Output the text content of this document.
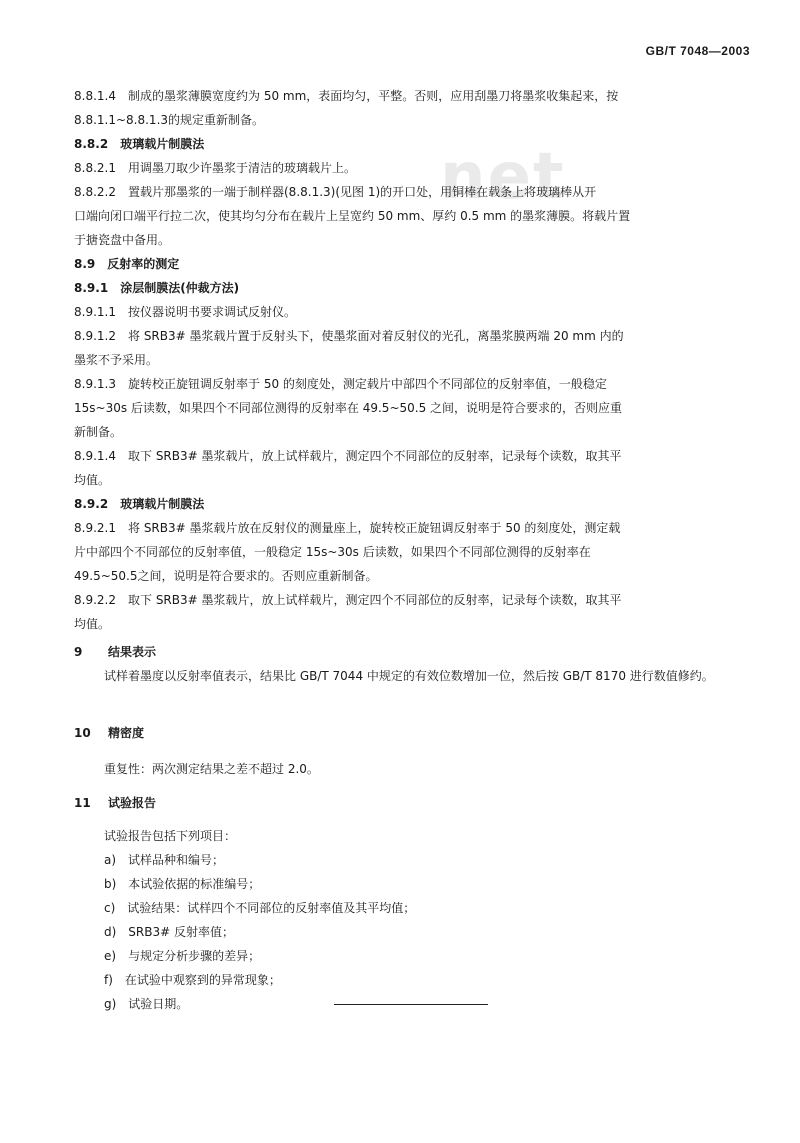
GB/T 7048—2003
net
8.8.1.4　 制成的墨浆薄膜宽度约为 50 mm，表面均匀，平整。否则，应用刮墨刀将墨浆收集起来，按
8.8.1.1~8.8.1.3的规定重新制备。
8.8.2　 玻璃载片制膜法
8.8.2.1　 用调墨刀取少许墨浆于清洁的玻璃载片上。
8.8.2.2　 置载片那墨浆的一端于制样器(8.8.1.3)(见图 1)的开口处，用铜棒在载条上将玻璃棒从开
口端向闭口端平行拉二次，使其均匀分布在载片上呈宽约 50 mm、厚约 0.5 mm 的墨浆薄膜。将载片置
于搪瓷盘中备用。
8.9　 反射率的测定
8.9.1　 涂层制膜法(仲裁方法)
8.9.1.1　 按仪器说明书要求调试反射仪。
8.9.1.2　 将 SRB3# 墨浆载片置于反射头下，使墨浆面对着反射仪的光孔，离墨浆膜两端 20 mm 内的
墨浆不予采用。
8.9.1.3　 旋转校正旋钮调反射率于 50 的刻度处，测定载片中部四个不同部位的反射率值，一般稳定
15s~30s 后读数，如果四个不同部位测得的反射率在 49.5~50.5 之间，说明是符合要求的，否则应重
新制备。
8.9.1.4　 取下 SRB3# 墨浆载片，放上试样载片，测定四个不同部位的反射率，记录每个读数，取其平
均值。
8.9.2　 玻璃载片制膜法
8.9.2.1　 将 SRB3# 墨浆载片放在反射仪的测量座上，旋转校正旋钮调反射率于 50 的刻度处，测定载
片中部四个不同部位的反射率值，一般稳定 15s~30s 后读数，如果四个不同部位测得的反射率在
49.5~50.5之间，说明是符合要求的。否则应重新制备。
8.9.2.2　 取下 SRB3# 墨浆载片，放上试样载片，测定四个不同部位的反射率，记录每个读数，取其平
均值。
9 结果表示
试样着墨度以反射率值表示，结果比 GB/T 7044 中规定的有效位数增加一位，然后按 GB/T 8170 进行数值修约。
10 精密度
重复性：两次测定结果之差不超过 2.0。
11 试验报告
试验报告包括下列项目：
a)　试样品种和编号；
b)　本试验依据的标准编号；
c)　试验结果：试样四个不同部位的反射率值及其平均值；
d)　SRB3# 反射率值；
e)　与规定分析步骤的差异；
f)　在试验中观察到的异常现象；
g)　试验日期。
